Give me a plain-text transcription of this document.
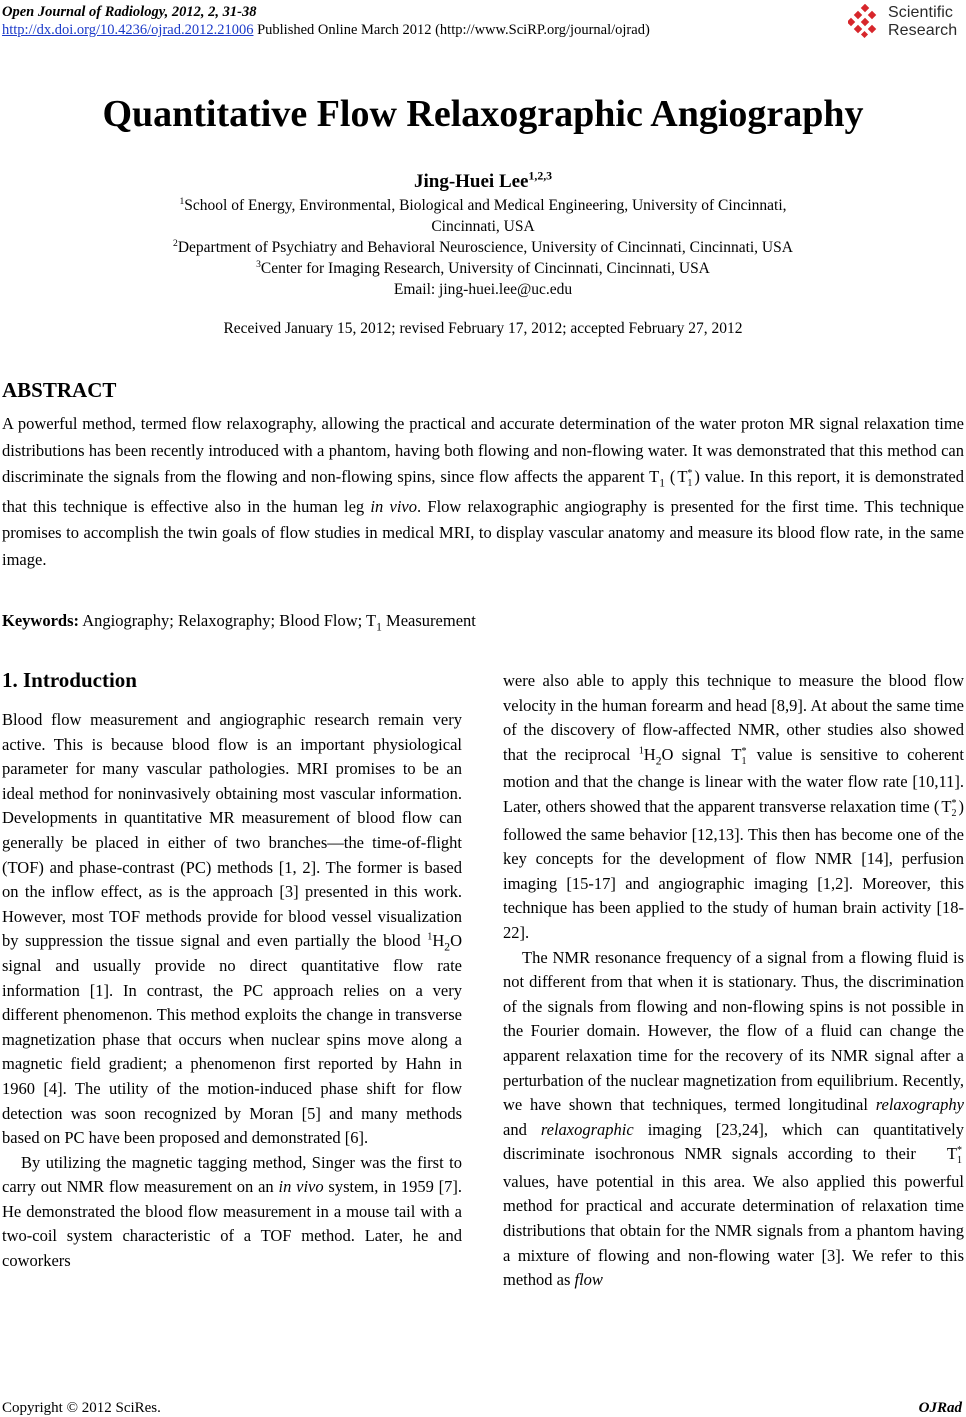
Open Journal of Radiology, 2012, 2, 31-38
http://dx.doi.org/10.4236/ojrad.2012.21006 Published Online March 2012 (http://www.SciRP.org/journal/ojrad)
Scientific
Research
Quantitative Flow Relaxographic Angiography
Jing-Huei Lee$^{1,2,3}$
$^1$School of Energy, Environmental, Biological and Medical Engineering, University of Cincinnati,
Cincinnati, USA
$^2$Department of Psychiatry and Behavioral Neuroscience, University of Cincinnati, Cincinnati, USA
$^3$Center for Imaging Research, University of Cincinnati, Cincinnati, USA
Email: jing-huei.lee@uc.edu
Received January 15, 2012; revised February 17, 2012; accepted February 27, 2012
ABSTRACT
A powerful method, termed flow relaxography, allowing the practical and accurate determination of the water proton MR signal relaxation time distributions has been recently introduced with a phantom, having both flowing and non-flowing water. It was demonstrated that this method can discriminate the signals from the flowing and non-flowing spins, since flow affects the apparent $T_1$ ( $T^*_1$ ) value. In this report, it is demonstrated that this technique is effective also in the human leg in vivo. Flow relaxographic angiography is presented for the first time. This technique promises to accomplish the twin goals of flow studies in medical MRI, to display vascular anatomy and measure its blood flow rate, in the same image.
Keywords: Angiography; Relaxography; Blood Flow; $T_1$ Measurement
1. Introduction

Blood flow measurement and angiographic research remain very active. This is because blood flow is an important physiological parameter for many vascular pathologies. MRI promises to be an ideal method for noninvasively obtaining most vascular information. Developments in quantitative MR measurement of blood flow can generally be placed in either of two branches—the time-of-flight (TOF) and phase-contrast (PC) methods [1, 2]. The former is based on the inflow effect, as is the approach [3] presented in this work. However, most TOF methods provide for blood vessel visualization by suppression the tissue signal and even partially the blood $^1H_2O$ signal and usually provide no direct quantitative flow rate information [1]. In contrast, the PC approach relies on a very different phenomenon. This method exploits the change in transverse magnetization phase that occurs when nuclear spins move along a magnetic field gradient; a phenomenon first reported by Hahn in 1960 [4]. The utility of the motion-induced phase shift for flow detection was soon recognized by Moran [5] and many methods based on PC have been proposed and demonstrated [6].

By utilizing the magnetic tagging method, Singer was the first to carry out NMR flow measurement on an in vivo system, in 1959 [7]. He demonstrated the blood flow measurement in a mouse tail with a two-coil system characteristic of a TOF method. Later, he and coworkers

were also able to apply this technique to measure the blood flow velocity in the human forearm and head [8,9]. At about the same time of the discovery of flow-affected NMR, other studies also showed that the reciprocal $^1H_2O$ signal $T^*_1$ value is sensitive to coherent motion and that the change is linear with the water flow rate [10,11]. Later, others showed that the apparent transverse relaxation time ( $T^*_2$ ) followed the same behavior [12,13]. This then has become one of the key concepts for the development of flow NMR [14], perfusion imaging [15-17] and angiographic imaging [1,2]. Moreover, this technique has been applied to the study of human brain activity [18-22].

The NMR resonance frequency of a signal from a flowing fluid is not different from that when it is stationary. Thus, the discrimination of the signals from flowing and non-flowing spins is not possible in the Fourier domain. However, the flow of a fluid can change the apparent relaxation time for the recovery of its NMR signal after a perturbation of the nuclear magnetization from equilibrium. Recently, we have shown that techniques, termed longitudinal relaxography and relaxographic imaging [23,24], which can quantitatively discriminate isochronous NMR signals according to their $T^*_1$ values, have potential in this area. We also applied this powerful method for practical and accurate determination of relaxation time distributions that obtain for the NMR signals from a phantom having a mixture of flowing and non-flowing water [3]. We refer to this method as flow

Copyright © 2012 SciRes.	OJRad
